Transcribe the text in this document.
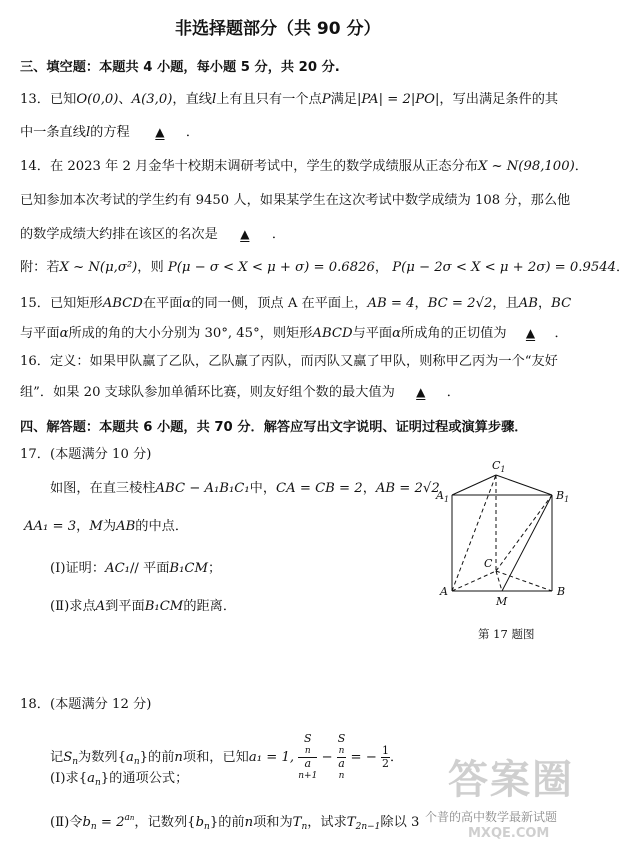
非选择题部分（共 90 分）
三、填空题：本题共 4 小题，每小题 5 分，共 20 分.
13．已知O(0,0)、A(3,0)，直线l上有且只有一个点P满足|PA| = 2|PO|，写出满足条件的其
中一条直线l的方程 ▲ ．
14．在 2023 年 2 月金华十校期末调研考试中，学生的数学成绩服从正态分布X ~ N(98,100)．
已知参加本次考试的学生约有 9450 人，如果某学生在这次考试中数学成绩为 108 分，那么他
的数学成绩大约排在该区的名次是 ▲ ．
附：若X ~ N(μ,σ²)，则 P(μ − σ < X < μ + σ) = 0.6826， P(μ − 2σ < X < μ + 2σ) = 0.9544．
15．已知矩形ABCD在平面α的同一侧，顶点 A 在平面上，AB = 4，BC = 2√2，且AB，BC
与平面α所成的角的大小分别为 30°, 45°，则矩形ABCD与平面α所成角的正切值为 ▲ ．
16．定义：如果甲队赢了乙队，乙队赢了丙队，而丙队又赢了甲队，则称甲乙丙为一个“友好
组”．如果 20 支球队参加单循环比赛，则友好组个数的最大值为 ▲ ．
四、解答题：本题共 6 小题，共 70 分．解答应写出文字说明、证明过程或演算步骤．
17．(本题满分 10 分)
如图，在直三棱柱ABC − A₁B₁C₁中，CA = CB = 2，AB = 2√2
AA₁ = 3，M为AB的中点．
(Ⅰ)证明：AC₁// 平面B₁CM；
(Ⅱ)求点A到平面B₁CM的距离．
$C_1$
$A_1$	$B_1$
C
A	B
M
第 17 题图
18．(本题满分 12 分)
记$S_n$为数列$\{a_n\}$的前n项和，已知a₁ = 1, S
n
a
n+1 − S
n
a
n = − $\frac{1}{2}$ ．
(Ⅰ)求$\{a_n\}$的通项公式；
(Ⅱ)令$b_n = 2^{an}$，记数列$\{b_n\}$的前n项和为$T_n$，试求$T_{2n-1}$除以 3
答案圈
个普的高中数学最新试题
MXQE.COM
